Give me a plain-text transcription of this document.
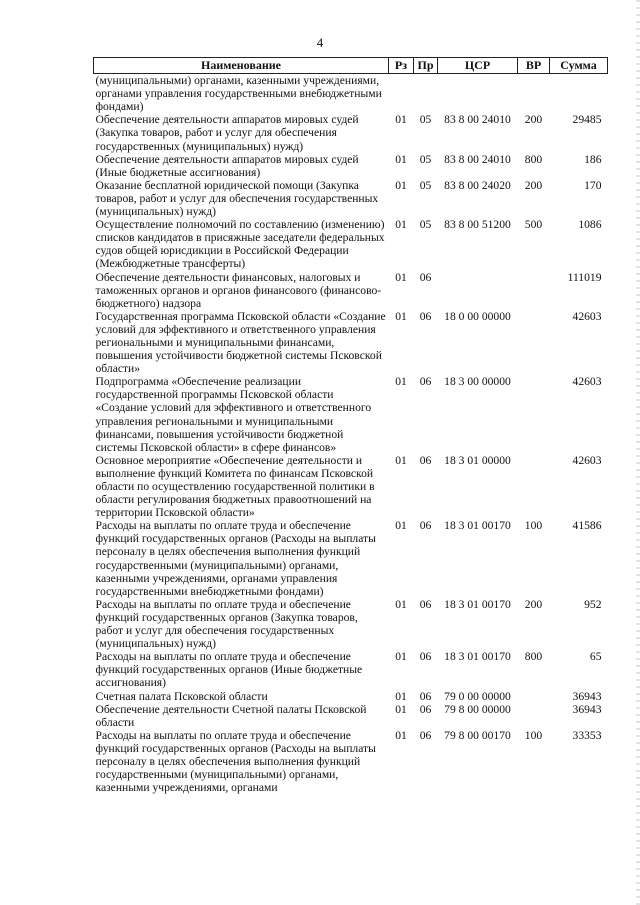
4
Наименование	Рз	Пр	ЦСР	ВР	Сумма
(муниципальными) органами, казенными учреждениями, органами управления государственными внебюджетными фондами)					
Обеспечение деятельности аппаратов мировых судей (Закупка товаров, работ и услуг для обеспечения государственных (муниципальных) нужд)	01	05	83 8 00 24010	200	29485
Обеспечение деятельности аппаратов мировых судей (Иные бюджетные ассигнования)	01	05	83 8 00 24010	800	186
Оказание бесплатной юридической помощи (Закупка товаров, работ и услуг для обеспечения государственных (муниципальных) нужд)	01	05	83 8 00 24020	200	170
Осуществление полномочий по составлению (изменению) списков кандидатов в присяжные заседатели федеральных судов общей юрисдикции в Российской Федерации (Межбюджетные трансферты)	01	05	83 8 00 51200	500	1086
Обеспечение деятельности финансовых, налоговых и таможенных органов и органов финансового (финансово-бюджетного) надзора	01	06			111019
Государственная программа Псковской области «Создание условий для эффективного и ответственного управления региональными и муниципальными финансами, повышения устойчивости бюджетной системы Псковской области»	01	06	18 0 00 00000		42603
Подпрограмма «Обеспечение реализации государственной программы Псковской области «Создание условий для эффективного и ответственного управления региональными и муниципальными финансами, повышения устойчивости бюджетной системы Псковской области» в сфере финансов»	01	06	18 3 00 00000		42603
Основное мероприятие «Обеспечение деятельности и выполнение функций Комитета по финансам Псковской области по осуществлению государственной политики в области регулирования бюджетных правоотношений на территории Псковской области»	01	06	18 3 01 00000		42603
Расходы на выплаты по оплате труда и обеспечение функций государственных органов (Расходы на выплаты персоналу в целях обеспечения выполнения функций государственными (муниципальными) органами, казенными учреждениями, органами управления государственными внебюджетными фондами)	01	06	18 3 01 00170	100	41586
Расходы на выплаты по оплате труда и обеспечение функций государственных органов (Закупка товаров, работ и услуг для обеспечения государственных (муниципальных) нужд)	01	06	18 3 01 00170	200	952
Расходы на выплаты по оплате труда и обеспечение функций государственных органов (Иные бюджетные ассигнования)	01	06	18 3 01 00170	800	65
Счетная палата Псковской области	01	06	79 0 00 00000		36943
Обеспечение деятельности Счетной палаты Псковской области	01	06	79 8 00 00000		36943
Расходы на выплаты по оплате труда и обеспечение функций государственных органов (Расходы на выплаты персоналу в целях обеспечения выполнения функций государственными (муниципальными) органами, казенными учреждениями, органами	01	06	79 8 00 00170	100	33353
